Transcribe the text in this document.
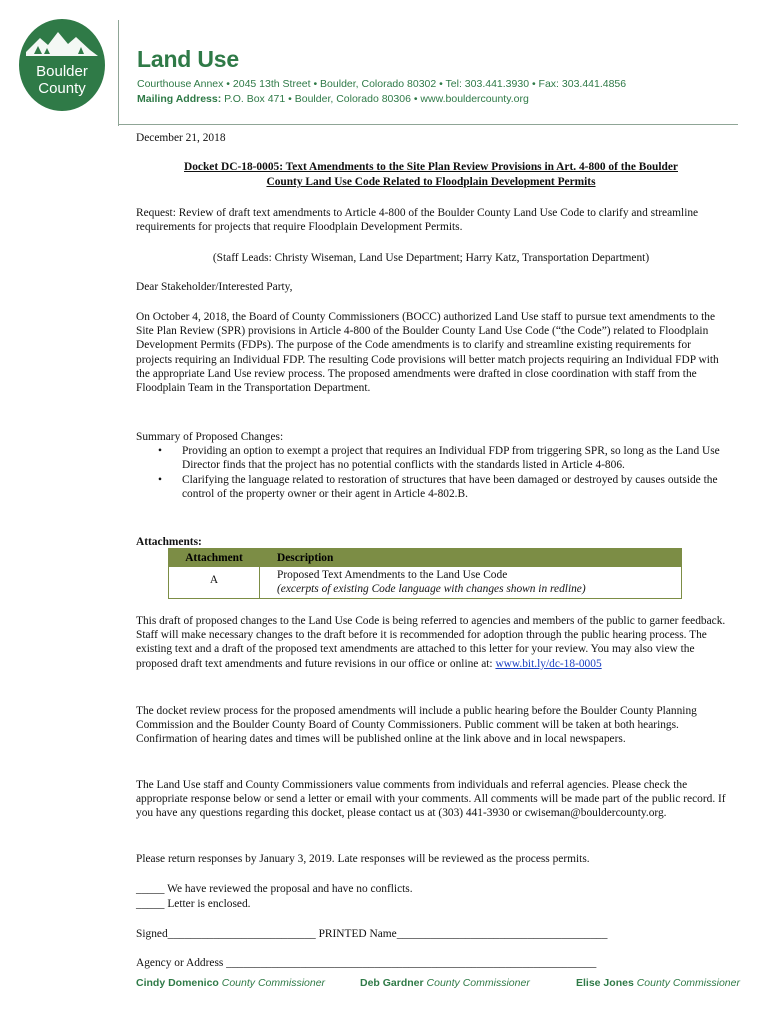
Boulder
County
Land Use
Courthouse Annex • 2045 13th Street • Boulder, Colorado 80302 • Tel: 303.441.3930 • Fax: 303.441.4856
Mailing Address: P.O. Box 471 • Boulder, Colorado 80306 • www.bouldercounty.org
December 21, 2018
Docket DC-18-0005: Text Amendments to the Site Plan Review Provisions in Art. 4-800 of the Boulder
County Land Use Code Related to Floodplain Development Permits
Request: Review of draft text amendments to Article 4-800 of the Boulder County Land Use Code to clarify and streamline requirements for projects that require Floodplain Development Permits.
(Staff Leads: Christy Wiseman, Land Use Department; Harry Katz, Transportation Department)
Dear Stakeholder/Interested Party,
On October 4, 2018, the Board of County Commissioners (BOCC) authorized Land Use staff to pursue text amendments to the Site Plan Review (SPR) provisions in Article 4-800 of the Boulder County Land Use Code (“the Code”) related to Floodplain Development Permits (FDPs). The purpose of the Code amendments is to clarify and streamline existing requirements for projects requiring an Individual FDP. The resulting Code provisions will better match projects requiring an Individual FDP with the appropriate Land Use review process. The proposed amendments were drafted in close coordination with staff from the Floodplain Team in the Transportation Department.
Summary of Proposed Changes:
• Providing an option to exempt a project that requires an Individual FDP from triggering SPR, so long as the Land Use Director finds that the project has no potential conflicts with the standards listed in Article 4-806.
• Clarifying the language related to restoration of structures that have been damaged or destroyed by causes outside the control of the property owner or their agent in Article 4-802.B.
Attachments:
Attachment	Description
A	Proposed Text Amendments to the Land Use Code
(excerpts of existing Code language with changes shown in redline)
This draft of proposed changes to the Land Use Code is being referred to agencies and members of the public to garner feedback. Staff will make necessary changes to the draft before it is recommended for adoption through the public hearing process. The existing text and a draft of the proposed text amendments are attached to this letter for your review. You may also view the proposed draft text amendments and future revisions in our office or online at: www.bit.ly/dc-18-0005
The docket review process for the proposed amendments will include a public hearing before the Boulder County Planning Commission and the Boulder County Board of County Commissioners. Public comment will be taken at both hearings. Confirmation of hearing dates and times will be published online at the link above and in local newspapers.
The Land Use staff and County Commissioners value comments from individuals and referral agencies. Please check the appropriate response below or send a letter or email with your comments. All comments will be made part of the public record. If you have any questions regarding this docket, please contact us at (303) 441-3930 or cwiseman@bouldercounty.org.
Please return responses by January 3, 2019. Late responses will be reviewed as the process permits.
_____ We have reviewed the proposal and have no conflicts.
_____ Letter is enclosed.
Signed__________________________ PRINTED Name_____________________________________
Agency or Address _________________________________________________________________
Cindy Domenico County Commissioner	Deb Gardner County Commissioner	Elise Jones County Commissioner
